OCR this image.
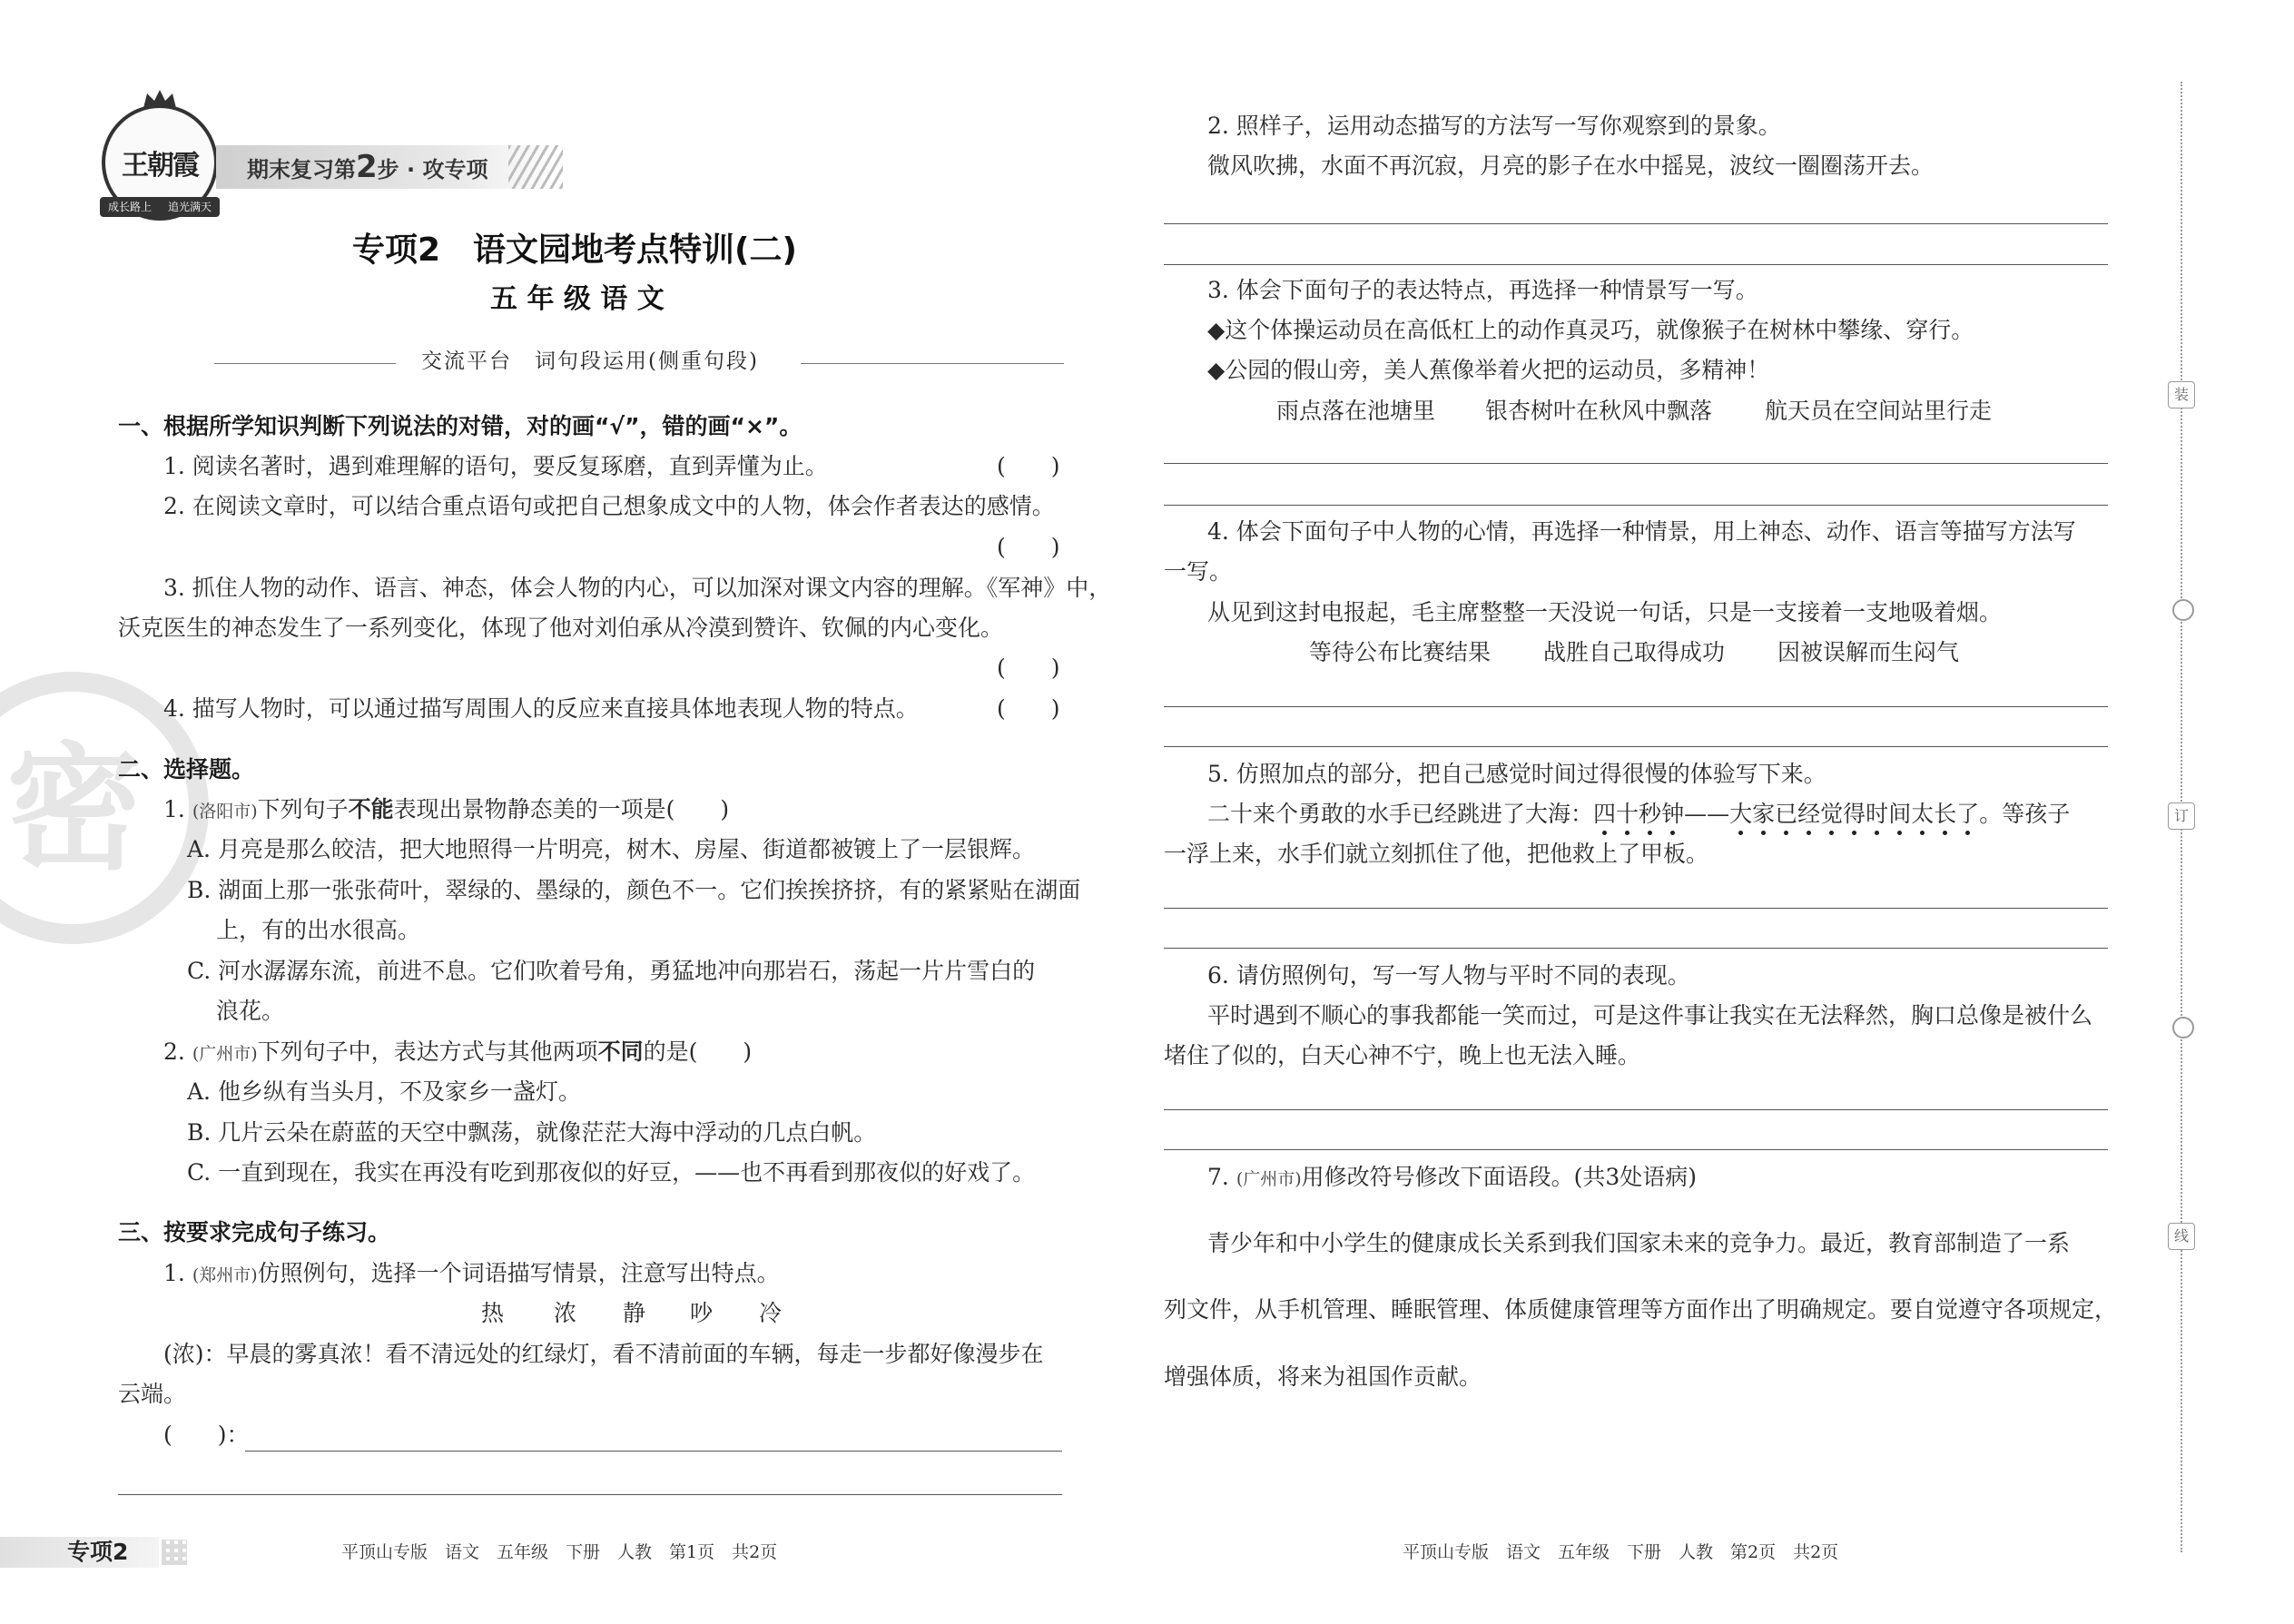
密
王朝霞
成长路上 追光满天
期末复习第2步 · 攻专项
专项2　语文园地考点特训(二)
五 年 级 语 文
交流平台　词句段运用(侧重句段)
一、根据所学知识判断下列说法的对错，对的画“√”，错的画“×”。
1. 阅读名著时，遇到难理解的语句，要反复琢磨，直到弄懂为止。	(　　)
2. 在阅读文章时，可以结合重点语句或把自己想象成文中的人物，体会作者表达的感情。
(　　)
3. 抓住人物的动作、语言、神态，体会人物的内心，可以加深对课文内容的理解。《军神》中，
沃克医生的神态发生了一系列变化，体现了他对刘伯承从冷漠到赞许、钦佩的内心变化。
(　　)
4. 描写人物时，可以通过描写周围人的反应来直接具体地表现人物的特点。	(　　)
二、选择题。
1. (洛阳市)下列句子不能表现出景物静态美的一项是(　　)
A. 月亮是那么皎洁，把大地照得一片明亮，树木、房屋、街道都被镀上了一层银辉。
B. 湖面上那一张张荷叶，翠绿的、墨绿的，颜色不一。它们挨挨挤挤，有的紧紧贴在湖面
上，有的出水很高。
C. 河水潺潺东流，前进不息。它们吹着号角，勇猛地冲向那岩石，荡起一片片雪白的
浪花。
2. (广州市)下列句子中，表达方式与其他两项不同的是(　　)
A. 他乡纵有当头月，不及家乡一盏灯。
B. 几片云朵在蔚蓝的天空中飘荡，就像茫茫大海中浮动的几点白帆。
C. 一直到现在，我实在再没有吃到那夜似的好豆，——也不再看到那夜似的好戏了。
三、按要求完成句子练习。
1. (郑州市)仿照例句，选择一个词语描写情景，注意写出特点。
热 浓 静 吵 冷
(浓)：早晨的雾真浓！看不清远处的红绿灯，看不清前面的车辆，每走一步都好像漫步在
云端。
(　　)：
2. 照样子，运用动态描写的方法写一写你观察到的景象。
微风吹拂，水面不再沉寂，月亮的影子在水中摇晃，波纹一圈圈荡开去。
3. 体会下面句子的表达特点，再选择一种情景写一写。
◆这个体操运动员在高低杠上的动作真灵巧，就像猴子在树林中攀缘、穿行。
◆公园的假山旁，美人蕉像举着火把的运动员，多精神！
雨点落在池塘里 银杏树叶在秋风中飘落 航天员在空间站里行走
4. 体会下面句子中人物的心情，再选择一种情景，用上神态、动作、语言等描写方法写
一写。
从见到这封电报起，毛主席整整一天没说一句话，只是一支接着一支地吸着烟。
等待公布比赛结果 战胜自己取得成功 因被误解而生闷气
5. 仿照加点的部分，把自己感觉时间过得很慢的体验写下来。
二十来个勇敢的水手已经跳进了大海：四十秒钟——大家已经觉得时间太长了。等孩子
一浮上来，水手们就立刻抓住了他，把他救上了甲板。
6. 请仿照例句，写一写人物与平时不同的表现。
平时遇到不顺心的事我都能一笑而过，可是这件事让我实在无法释然，胸口总像是被什么
堵住了似的，白天心神不宁，晚上也无法入睡。
7. (广州市)用修改符号修改下面语段。(共3处语病)
青少年和中小学生的健康成长关系到我们国家未来的竞争力。最近，教育部制造了一系
列文件，从手机管理、睡眠管理、体质健康管理等方面作出了明确规定。要自觉遵守各项规定，
增强体质，将来为祖国作贡献。
装
订
线
专项2	平顶山专版　语文　五年级　下册　人教　第1页　共2页	平顶山专版　语文　五年级　下册　人教　第2页　共2页
